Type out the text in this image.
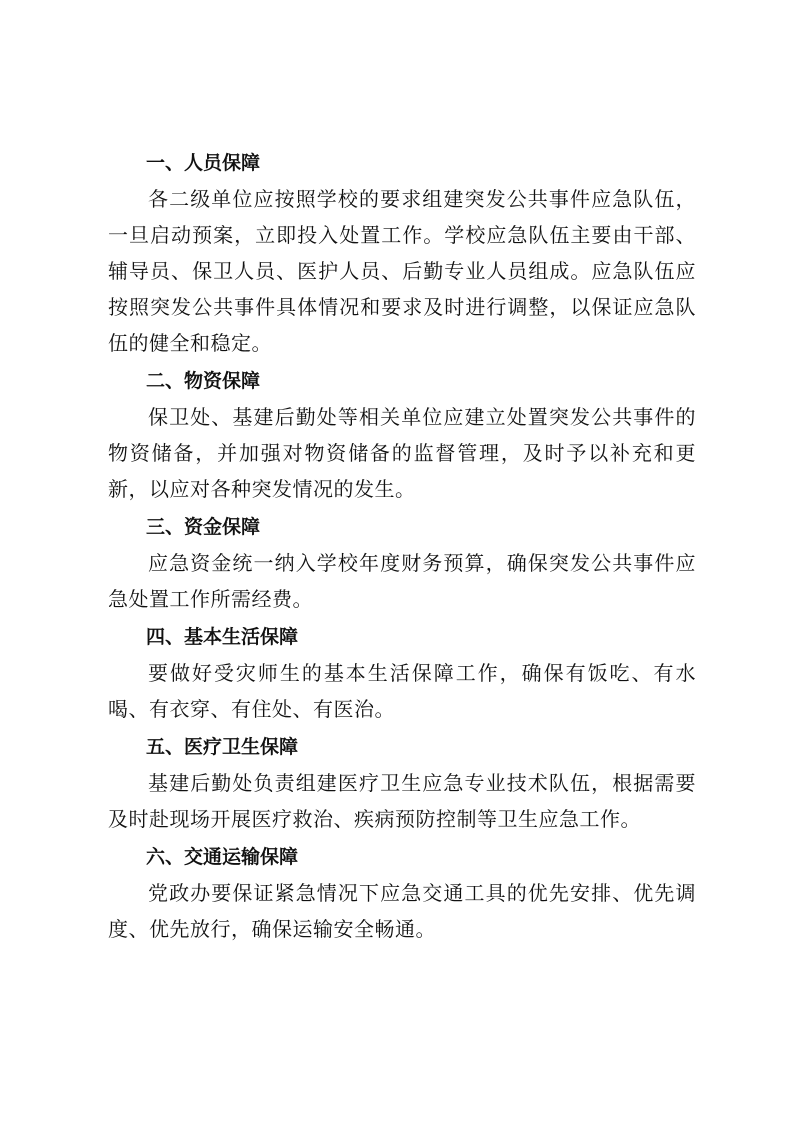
一、人员保障

各二级单位应按照学校的要求组建突发公共事件应急队伍，一旦启动预案，立即投入处置工作。学校应急队伍主要由干部、辅导员、保卫人员、医护人员、后勤专业人员组成。应急队伍应按照突发公共事件具体情况和要求及时进行调整，以保证应急队伍的健全和稳定。

二、物资保障

保卫处、基建后勤处等相关单位应建立处置突发公共事件的物资储备，并加强对物资储备的监督管理，及时予以补充和更新，以应对各种突发情况的发生。

三、资金保障

应急资金统一纳入学校年度财务预算，确保突发公共事件应急处置工作所需经费。

四、基本生活保障

要做好受灾师生的基本生活保障工作，确保有饭吃、有水喝、有衣穿、有住处、有医治。

五、医疗卫生保障

基建后勤处负责组建医疗卫生应急专业技术队伍，根据需要及时赴现场开展医疗救治、疾病预防控制等卫生应急工作。

六、交通运输保障

党政办要保证紧急情况下应急交通工具的优先安排、优先调度、优先放行，确保运输安全畅通。
